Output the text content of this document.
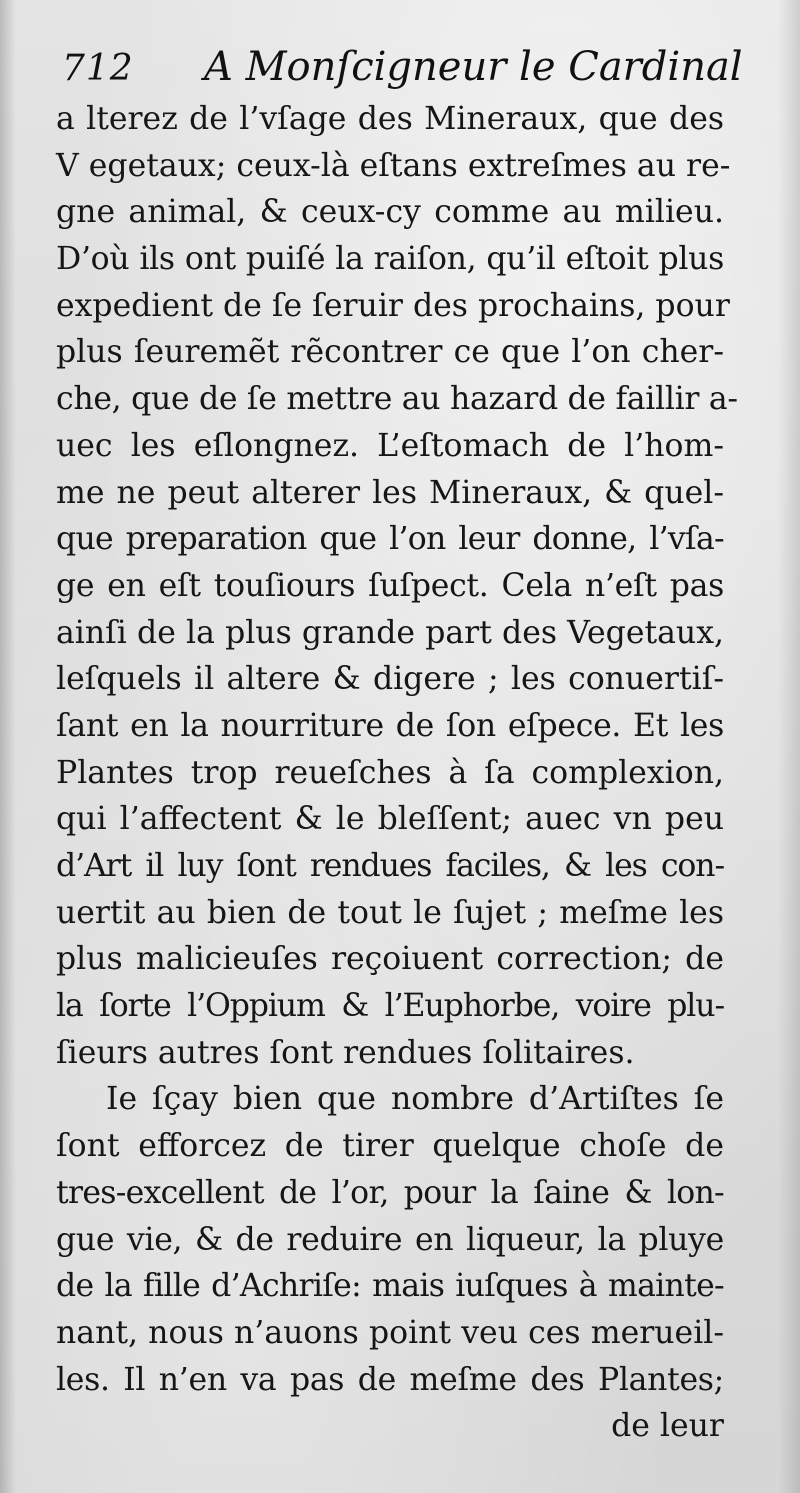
712 A Monſcigneur le Cardinal
a lterez de l’vſage des Mineraux, que des
V egetaux; ceux-là eſtans extreſmes au re-
gne animal, & ceux-cy comme au milieu.
D’où ils ont puiſé la raiſon, qu’il eſtoit plus
expedient de ſe ſeruir des prochains, pour
plus ſeuremẽt rẽcontrer ce que l’on cher-
che, que de ſe mettre au hazard de faillir a-
uec les eſlongnez. L’eſtomach de l’hom-
me ne peut alterer les Mineraux, & quel-
que preparation que l’on leur donne, l’vſa-
ge en eſt touſiours ſuſpect. Cela n’eſt pas
ainſi de la plus grande part des Vegetaux,
leſquels il altere & digere ; les conuertiſ-
ſant en la nourriture de ſon eſpece. Et les
Plantes trop reueſches à ſa complexion,
qui l’affectent & le bleſſent; auec vn peu
d’Art il luy ſont rendues faciles, & les con-
uertit au bien de tout le ſujet ; meſme les
plus malicieuſes reçoiuent correction; de
la ſorte l’Oppium & l’Euphorbe, voire plu-
ſieurs autres ſont rendues ſolitaires.
Ie ſçay bien que nombre d’Artiſtes ſe
ſont efforcez de tirer quelque choſe de
tres-excellent de l’or, pour la ſaine & lon-
gue vie, & de reduire en liqueur, la pluye
de la fille d’Achriſe: mais iuſques à mainte-
nant, nous n’auons point veu ces merueil-
les. Il n’en va pas de meſme des Plantes;
de leur
